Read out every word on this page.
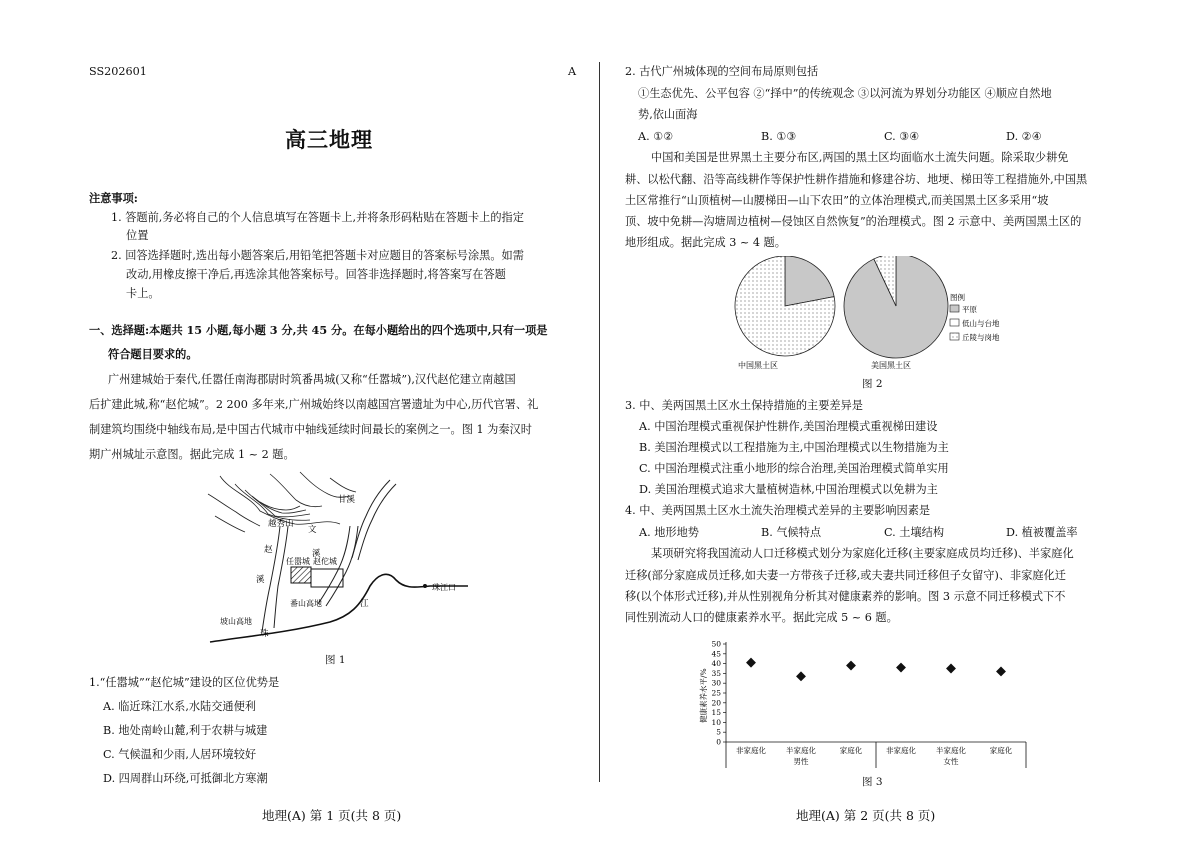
SS202601	A
高三地理
注意事项:
1. 答题前,务必将自己的个人信息填写在答题卡上,并将条形码粘贴在答题卡上的指定
位置
2. 回答选择题时,选出每小题答案后,用铅笔把答题卡对应题目的答案标号涂黑。如需
改动,用橡皮擦干净后,再选涂其他答案标号。回答非选择题时,将答案写在答题
卡上。
一、选择题:本题共 15 小题,每小题 3 分,共 45 分。在每小题给出的四个选项中,只有一项是
符合题目要求的。
广州建城始于秦代,任嚣任南海郡尉时筑番禺城(又称“任嚣城”),汉代赵佗建立南越国
后扩建此城,称“赵佗城”。2 200 多年来,广州城始终以南越国宫署遗址为中心,历代官署、礼
制建筑均围绕中轴线布局,是中国古代城市中轴线延续时间最长的案例之一。图 1 为秦汉时
期广州城址示意图。据此完成 1 ~ 2 题。
越秀山
甘溪
文
溪
赵
溪
任嚣城 赵佗城
番山高地
坡山高地
江
珠
珠江口
图 1
1.“任嚣城”“赵佗城”建设的区位优势是
A. 临近珠江水系,水陆交通便利
B. 地处南岭山麓,利于农耕与城建
C. 气候温和少雨,人居环境较好
D. 四周群山环绕,可抵御北方寒潮
地理(A) 第 1 页(共 8 页)
2. 古代广州城体现的空间布局原则包括
①生态优先、公平包容 ②“择中”的传统观念 ③以河流为界划分功能区 ④顺应自然地
势,依山面海
A. ①②	B. ①③	C. ③④	D. ②④
中国和美国是世界黑土主要分布区,两国的黑土区均面临水土流失问题。除采取少耕免
耕、以松代翻、沿等高线耕作等保护性耕作措施和修建谷坊、地埂、梯田等工程措施外,中国黑
土区常推行“山顶植树—山腰梯田—山下农田”的立体治理模式,而美国黑土区多采用“坡
顶、坡中免耕—沟塘周边植树—侵蚀区自然恢复”的治理模式。图 2 示意中、美两国黑土区的
地形组成。据此完成 3 ~ 4 题。
中国黑土区	美国黑土区
图例
平原
低山与台地
丘陵与岗地
图 2
3. 中、美两国黑土区水土保持措施的主要差异是
A. 中国治理模式重视保护性耕作,美国治理模式重视梯田建设
B. 美国治理模式以工程措施为主,中国治理模式以生物措施为主
C. 中国治理模式注重小地形的综合治理,美国治理模式简单实用
D. 美国治理模式追求大量植树造林,中国治理模式以免耕为主
4. 中、美两国黑土区水土流失治理模式差异的主要影响因素是
A. 地形地势	B. 气候特点	C. 土壤结构	D. 植被覆盖率
某项研究将我国流动人口迁移模式划分为家庭化迁移(主要家庭成员均迁移)、半家庭化
迁移(部分家庭成员迁移,如夫妻一方带孩子迁移,或夫妻共同迁移但子女留守)、非家庭化迁
移(以个体形式迁移),并从性别视角分析其对健康素养的影响。图 3 示意不同迁移模式下不
同性别流动人口的健康素养水平。据此完成 5 ~ 6 题。
0
5
10
15
20
25
30
35
40
45
50
非家庭化	半家庭化	家庭化	非家庭化	半家庭化	家庭化
男性	女性
健康素养水平/%
图 3
地理(A) 第 2 页(共 8 页)
